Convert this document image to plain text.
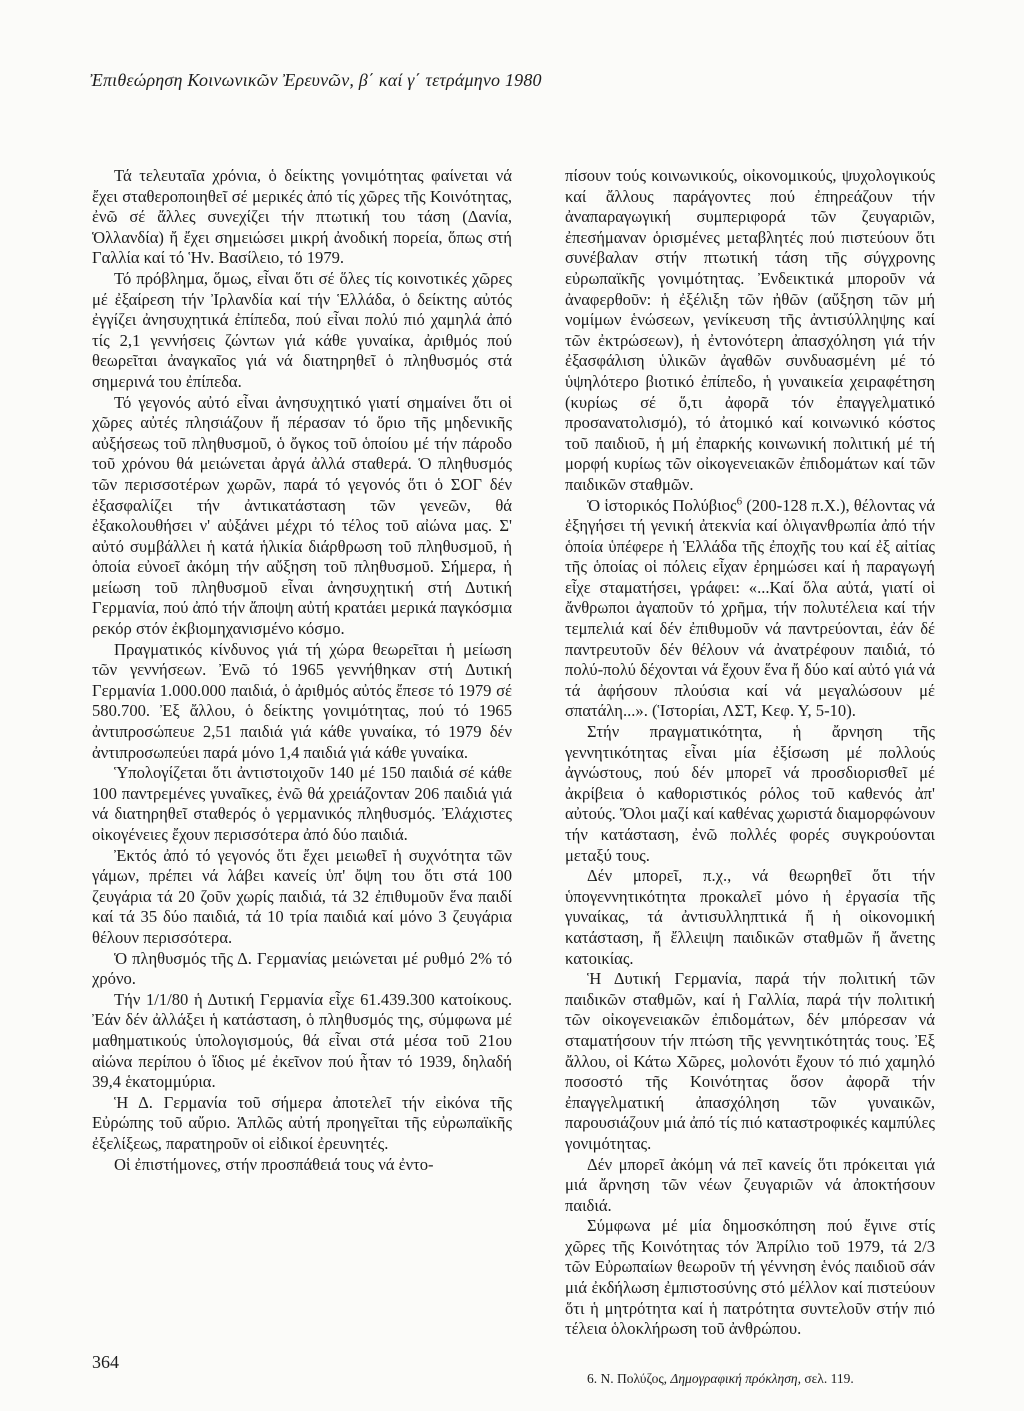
Ἐπιθεώρηση Κοινωνικῶν Ἐρευνῶν, β΄ καί γ΄ τετράμηνο 1980

Τά τελευταῖα χρόνια, ὁ δείκτης γονιμότητας φαίνεται νά ἔχει σταθεροποιηθεῖ σέ μερικές ἀπό τίς χῶρες τῆς Κοινότητας, ἐνῶ σέ ἄλλες συνεχίζει τήν πτωτική του τάση (Δανία, Ὁλλανδία) ἤ ἔχει σημειώσει μικρή ἀνοδική πορεία, ὅπως στή Γαλλία καί τό Ἡν. Βασίλειο, τό 1979.

Τό πρόβλημα, ὅμως, εἶναι ὅτι σέ ὅλες τίς κοινοτικές χῶρες μέ ἐξαίρεση τήν Ἰρλανδία καί τήν Ἑλλάδα, ὁ δείκτης αὐτός ἐγγίζει ἀνησυχητικά ἐπίπεδα, πού εἶναι πολύ πιό χαμηλά ἀπό τίς 2,1 γεννήσεις ζώντων γιά κάθε γυναίκα, ἀριθμός πού θεωρεῖται ἀναγκαῖος γιά νά διατηρηθεῖ ὁ πληθυσμός στά σημερινά του ἐπίπεδα.

Τό γεγονός αὐτό εἶναι ἀνησυχητικό γιατί σημαίνει ὅτι οἱ χῶρες αὐτές πλησιάζουν ἤ πέρασαν τό ὅριο τῆς μηδενικῆς αὐξήσεως τοῦ πληθυσμοῦ, ὁ ὄγκος τοῦ ὁποίου μέ τήν πάροδο τοῦ χρόνου θά μειώνεται ἀργά ἀλλά σταθερά. Ὁ πληθυσμός τῶν περισσοτέρων χωρῶν, παρά τό γεγονός ὅτι ὁ ΣΟΓ δέν ἐξασφαλίζει τήν ἀντικατάσταση τῶν γενεῶν, θά ἐξακολουθήσει ν' αὐξάνει μέχρι τό τέλος τοῦ αἰώνα μας. Σ' αὐτό συμβάλλει ἡ κατά ἡλικία διάρθρωση τοῦ πληθυσμοῦ, ἡ ὁποία εὐνοεῖ ἀκόμη τήν αὔξηση τοῦ πληθυσμοῦ. Σήμερα, ἡ μείωση τοῦ πληθυσμοῦ εἶναι ἀνησυχητική στή Δυτική Γερμανία, πού ἀπό τήν ἄποψη αὐτή κρατάει μερικά παγκόσμια ρεκόρ στόν ἐκβιομηχανισμένο κόσμο.

Πραγματικός κίνδυνος γιά τή χώρα θεωρεῖται ἡ μείωση τῶν γεννήσεων. Ἐνῶ τό 1965 γεννήθηκαν στή Δυτική Γερμανία 1.000.000 παιδιά, ὁ ἀριθμός αὐτός ἔπεσε τό 1979 σέ 580.700. Ἐξ ἄλλου, ὁ δείκτης γονιμότητας, πού τό 1965 ἀντιπροσώπευε 2,51 παιδιά γιά κάθε γυναίκα, τό 1979 δέν ἀντιπροσωπεύει παρά μόνο 1,4 παιδιά γιά κάθε γυναίκα.

Ὑπολογίζεται ὅτι ἀντιστοιχοῦν 140 μέ 150 παιδιά σέ κάθε 100 παντρεμένες γυναῖκες, ἐνῶ θά χρειάζονταν 206 παιδιά γιά νά διατηρηθεῖ σταθερός ὁ γερμανικός πληθυσμός. Ἐλάχιστες οἰκογένειες ἔχουν περισσότερα ἀπό δύο παιδιά.

Ἐκτός ἀπό τό γεγονός ὅτι ἔχει μειωθεῖ ἡ συχνότητα τῶν γάμων, πρέπει νά λάβει κανείς ὑπ' ὄψη του ὅτι στά 100 ζευγάρια τά 20 ζοῦν χωρίς παιδιά, τά 32 ἐπιθυμοῦν ἕνα παιδί καί τά 35 δύο παιδιά, τά 10 τρία παιδιά καί μόνο 3 ζευγάρια θέλουν περισσότερα.

Ὁ πληθυσμός τῆς Δ. Γερμανίας μειώνεται μέ ρυθμό 2% τό χρόνο.

Τήν 1/1/80 ἡ Δυτική Γερμανία εἶχε 61.439.300 κατοίκους. Ἐάν δέν ἀλλάξει ἡ κατάσταση, ὁ πληθυσμός της, σύμφωνα μέ μαθηματικούς ὑπολογισμούς, θά εἶναι στά μέσα τοῦ 21ου αἰώνα περίπου ὁ ἴδιος μέ ἐκεῖνον πού ἦταν τό 1939, δηλαδή 39,4 ἑκατομμύρια.

Ἡ Δ. Γερμανία τοῦ σήμερα ἀποτελεῖ τήν εἰκόνα τῆς Εὐρώπης τοῦ αὔριο. Ἁπλῶς αὐτή προηγεῖται τῆς εὐρωπαϊκῆς ἐξελίξεως, παρατηροῦν οἱ εἰδικοί ἐρευνητές.

Οἱ ἐπιστήμονες, στήν προσπάθειά τους νά ἐντο-

πίσουν τούς κοινωνικούς, οἰκονομικούς, ψυχολογικούς καί ἄλλους παράγοντες πού ἐπηρεάζουν τήν ἀναπαραγωγική συμπεριφορά τῶν ζευγαριῶν, ἐπεσήμαναν ὁρισμένες μεταβλητές πού πιστεύουν ὅτι συνέβαλαν στήν πτωτική τάση τῆς σύγχρονης εὐρωπαϊκῆς γονιμότητας. Ἐνδεικτικά μποροῦν νά ἀναφερθοῦν: ἡ ἐξέλιξη τῶν ἠθῶν (αὔξηση τῶν μή νομίμων ἑνώσεων, γενίκευση τῆς ἀντισύλληψης καί τῶν ἐκτρώσεων), ἡ ἐντονότερη ἀπασχόληση γιά τήν ἐξασφάλιση ὑλικῶν ἀγαθῶν συνδυασμένη μέ τό ὑψηλότερο βιοτικό ἐπίπεδο, ἡ γυναικεία χειραφέτηση (κυρίως σέ ὅ,τι ἀφορᾶ τόν ἐπαγγελματικό προσανατολισμό), τό ἀτομικό καί κοινωνικό κόστος τοῦ παιδιοῦ, ἡ μή ἐπαρκής κοινωνική πολιτική μέ τή μορφή κυρίως τῶν οἰκογενειακῶν ἐπιδομάτων καί τῶν παιδικῶν σταθμῶν.

Ὁ ἱστορικός Πολύβιος$^6$ (200-128 π.Χ.), θέλοντας νά ἐξηγήσει τή γενική ἀτεκνία καί ὀλιγανθρωπία ἀπό τήν ὁποία ὑπέφερε ἡ Ἑλλάδα τῆς ἐποχῆς του καί ἐξ αἰτίας τῆς ὁποίας οἱ πόλεις εἶχαν ἐρημώσει καί ἡ παραγωγή εἶχε σταματήσει, γράφει: «...Καί ὅλα αὐτά, γιατί οἱ ἄνθρωποι ἀγαποῦν τό χρῆμα, τήν πολυτέλεια καί τήν τεμπελιά καί δέν ἐπιθυμοῦν νά παντρεύονται, ἐάν δέ παντρευτοῦν δέν θέλουν νά ἀνατρέφουν παιδιά, τό πολύ-πολύ δέχονται νά ἔχουν ἕνα ἤ δύο καί αὐτό γιά νά τά ἀφήσουν πλούσια καί νά μεγαλώσουν μέ σπατάλη...». (Ἱστορίαι, ΛΣΤ, Κεφ. Υ, 5-10).

Στήν πραγματικότητα, ἡ ἄρνηση τῆς γεννητικότητας εἶναι μία ἐξίσωση μέ πολλούς ἀγνώστους, πού δέν μπορεῖ νά προσδιορισθεῖ μέ ἀκρίβεια ὁ καθοριστικός ρόλος τοῦ καθενός ἀπ' αὐτούς. Ὅλοι μαζί καί καθένας χωριστά διαμορφώνουν τήν κατάσταση, ἐνῶ πολλές φορές συγκρούονται μεταξύ τους.

Δέν μπορεῖ, π.χ., νά θεωρηθεῖ ὅτι τήν ὑπογεννητικότητα προκαλεῖ μόνο ἡ ἐργασία τῆς γυναίκας, τά ἀντισυλληπτικά ἤ ἡ οἰκονομική κατάσταση, ἤ ἔλλειψη παιδικῶν σταθμῶν ἤ ἄνετης κατοικίας.

Ἡ Δυτική Γερμανία, παρά τήν πολιτική τῶν παιδικῶν σταθμῶν, καί ἡ Γαλλία, παρά τήν πολιτική τῶν οἰκογενειακῶν ἐπιδομάτων, δέν μπόρεσαν νά σταματήσουν τήν πτώση τῆς γεννητικότητάς τους. Ἐξ ἄλλου, οἱ Κάτω Χῶρες, μολονότι ἔχουν τό πιό χαμηλό ποσοστό τῆς Κοινότητας ὅσον ἀφορᾶ τήν ἐπαγγελματική ἀπασχόληση τῶν γυναικῶν, παρουσιάζουν μιά ἀπό τίς πιό καταστροφικές καμπύλες γονιμότητας.

Δέν μπορεῖ ἀκόμη νά πεῖ κανείς ὅτι πρόκειται γιά μιά ἄρνηση τῶν νέων ζευγαριῶν νά ἀποκτήσουν παιδιά.

Σύμφωνα μέ μία δημοσκόπηση πού ἔγινε στίς χῶρες τῆς Κοινότητας τόν Ἀπρίλιο τοῦ 1979, τά 2/3 τῶν Εὐρωπαίων θεωροῦν τή γέννηση ἑνός παιδιοῦ σάν μιά ἐκδήλωση ἐμπιστοσύνης στό μέλλον καί πιστεύουν ὅτι ἡ μητρότητα καί ἡ πατρότητα συντελοῦν στήν πιό τέλεια ὁλοκλήρωση τοῦ ἀνθρώπου.

6. Ν. Πολύζος, Δημογραφική πρόκληση, σελ. 119.
364
